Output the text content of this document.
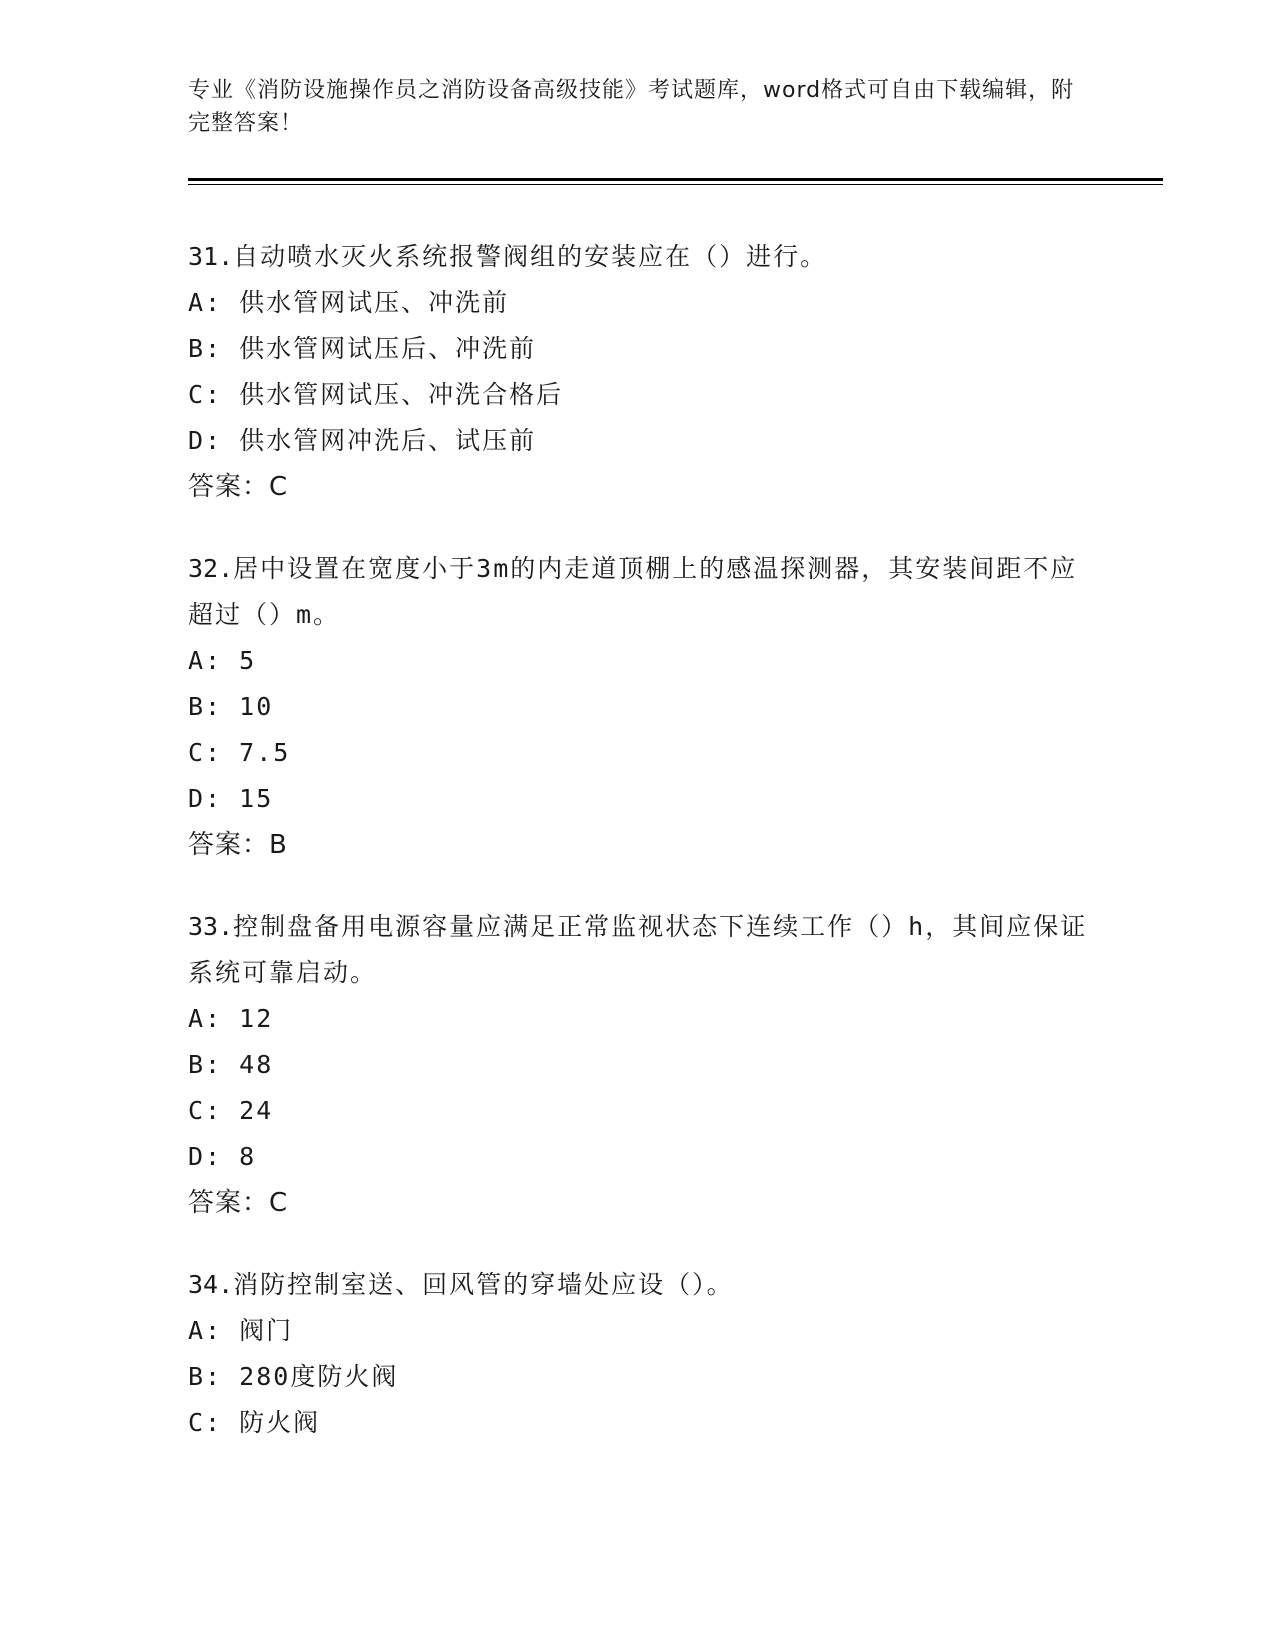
专业《消防设施操作员之消防设备高级技能》考试题库，word格式可自由下载编辑，附完整答案！
31.自动喷水灭火系统报警阀组的安装应在（）进行。
A: 供水管网试压、冲洗前
B: 供水管网试压后、冲洗前
C: 供水管网试压、冲洗合格后
D: 供水管网冲洗后、试压前
答案：C
32.居中设置在宽度小于3m的内走道顶棚上的感温探测器，其安装间距不应超过（）m。
A: 5
B: 10
C: 7.5
D: 15
答案：B
33.控制盘备用电源容量应满足正常监视状态下连续工作（）h，其间应保证系统可靠启动。
A: 12
B: 48
C: 24
D: 8
答案：C
34.消防控制室送、回风管的穿墙处应设（）。
A: 阀门
B: 280度防火阀
C: 防火阀
